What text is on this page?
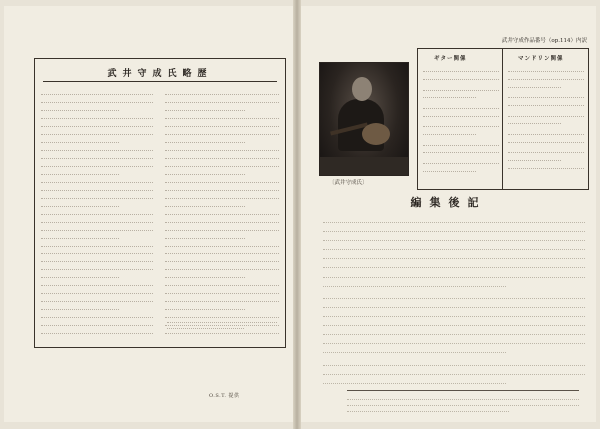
武井守成氏略歴
O.S.T. 提供
〔武井守成氏〕
武井守成作品番号（op.114）内訳
ギター関係	マンドリン関係
編集後記
